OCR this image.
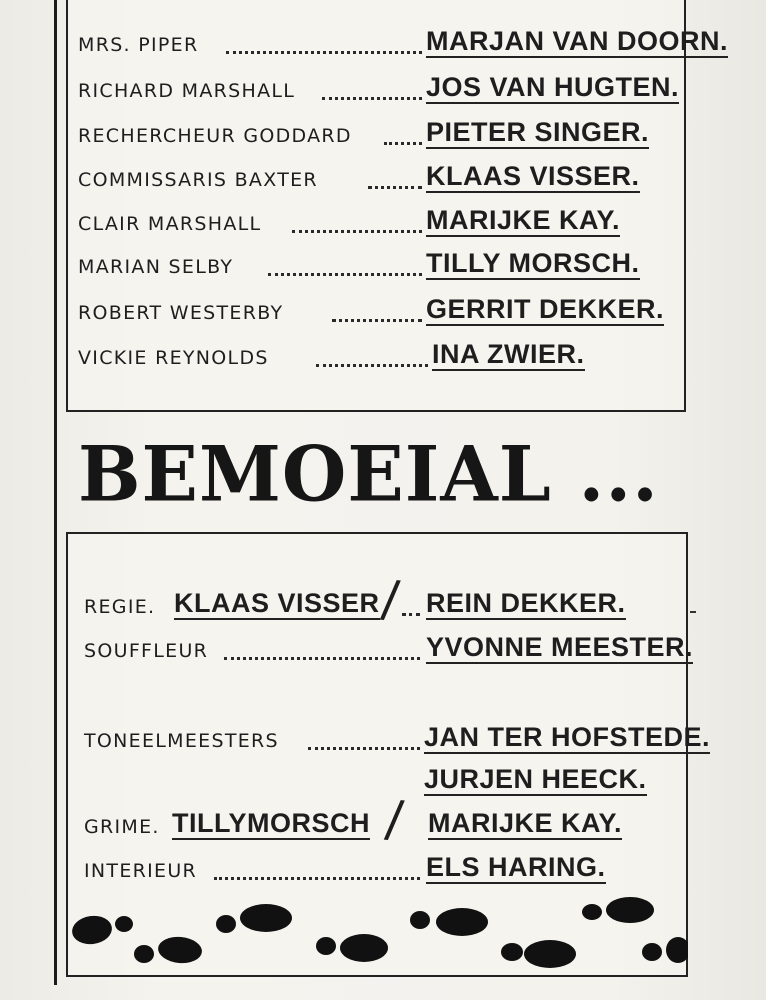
MRS. PIPER	MARJAN VAN DOORN.
RICHARD MARSHALL	JOS VAN HUGTEN.
RECHERCHEUR GODDARD	PIETER SINGER.
COMMISSARIS BAXTER	KLAAS VISSER.
CLAIR MARSHALL	MARIJKE KAY.
MARIAN SELBY	TILLY MORSCH.
ROBERT WESTERBY	GERRIT DEKKER.
VICKIE REYNOLDS	INA ZWIER.
BEMOEIAL ...
REGIE. KLAAS VISSER / REIN DEKKER.
SOUFFLEUR	YVONNE MEESTER.
TONEELMEESTERS	JAN TER HOFSTEDE.
JURJEN HEECK.
GRIME. TILLYMORSCH / MARIJKE KAY.
INTERIEUR	ELS HARING.
